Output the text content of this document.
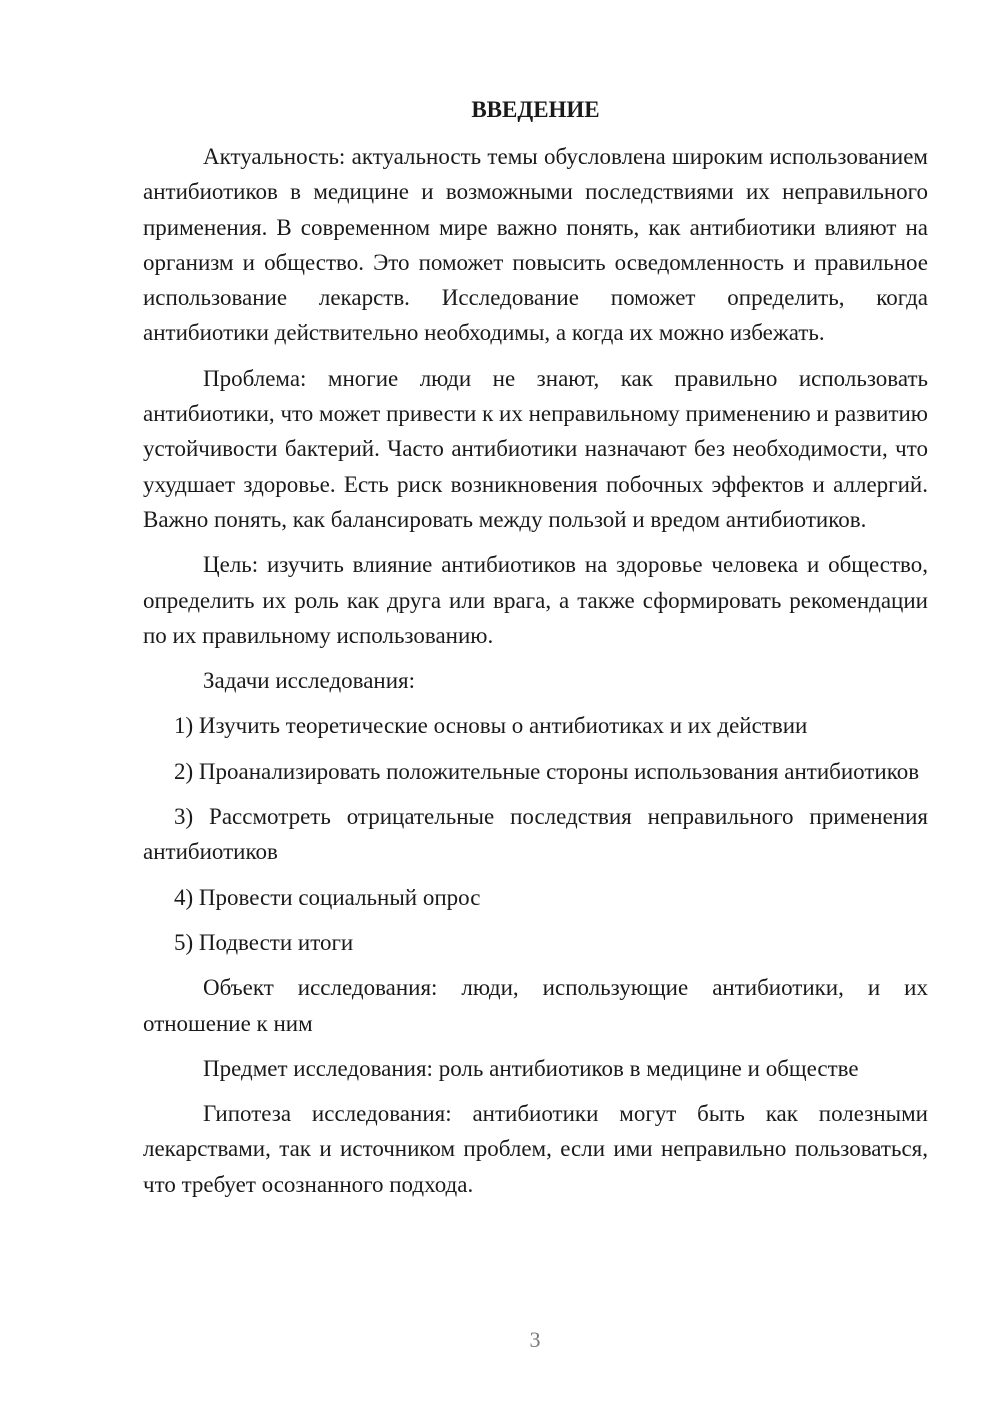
ВВЕДЕНИЕ

Актуальность: актуальность темы обусловлена широким использованием антибиотиков в медицине и возможными последствиями их неправильного применения. В современном мире важно понять, как антибиотики влияют на организм и общество. Это поможет повысить осведомленность и правильное использование лекарств. Исследование поможет определить, когда антибиотики действительно необходимы, а когда их можно избежать.

Проблема: многие люди не знают, как правильно использовать антибиотики, что может привести к их неправильному применению и развитию устойчивости бактерий. Часто антибиотики назначают без необходимости, что ухудшает здоровье. Есть риск возникновения побочных эффектов и аллергий. Важно понять, как балансировать между пользой и вредом антибиотиков.

Цель: изучить влияние антибиотиков на здоровье человека и общество, определить их роль как друга или врага, а также сформировать рекомендации по их правильному использованию.

Задачи исследования:

1) Изучить теоретические основы о антибиотиках и их действии

2) Проанализировать положительные стороны использования антибиотиков

3) Рассмотреть отрицательные последствия неправильного применения антибиотиков

4) Провести социальный опрос

5) Подвести итоги

Объект исследования: люди, использующие антибиотики, и их отношение к ним

Предмет исследования: роль антибиотиков в медицине и обществе

Гипотеза исследования: антибиотики могут быть как полезными лекарствами, так и источником проблем, если ими неправильно пользоваться, что требует осознанного подхода.

3
